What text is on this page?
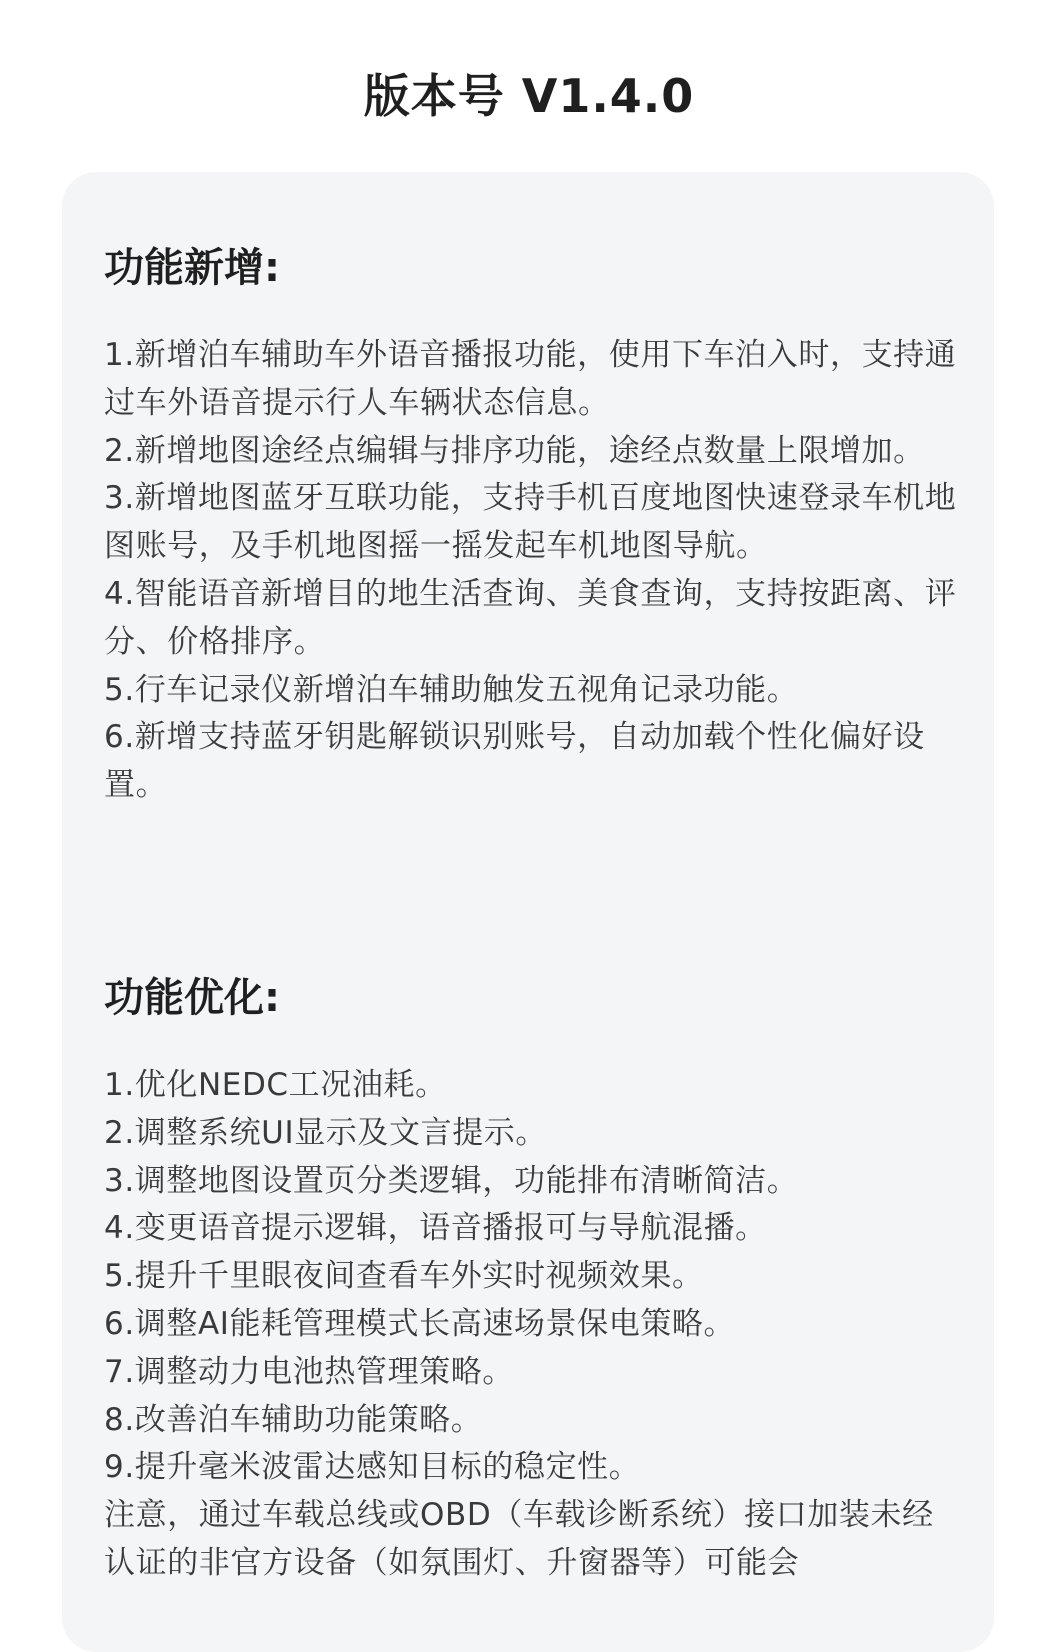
版本号 V1.4.0
功能新增:
1.新增泊车辅助车外语音播报功能，使用下车泊入时，支持通过车外语音提示行人车辆状态信息。
2.新增地图途经点编辑与排序功能，途经点数量上限增加。
3.新增地图蓝牙互联功能，支持手机百度地图快速登录车机地图账号，及手机地图摇一摇发起车机地图导航。
4.智能语音新增目的地生活查询、美食查询，支持按距离、评分、价格排序。
5.行车记录仪新增泊车辅助触发五视角记录功能。
6.新增支持蓝牙钥匙解锁识别账号，自动加载个性化偏好设置。
功能优化:
1.优化NEDC工况油耗。
2.调整系统UI显示及文言提示。
3.调整地图设置页分类逻辑，功能排布清晰简洁。
4.变更语音提示逻辑，语音播报可与导航混播。
5.提升千里眼夜间查看车外实时视频效果。
6.调整AI能耗管理模式长高速场景保电策略。
7.调整动力电池热管理策略。
8.改善泊车辅助功能策略。
9.提升毫米波雷达感知目标的稳定性。
注意，通过车载总线或OBD（车载诊断系统）接口加装未经认证的非官方设备（如氛围灯、升窗器等）可能会
